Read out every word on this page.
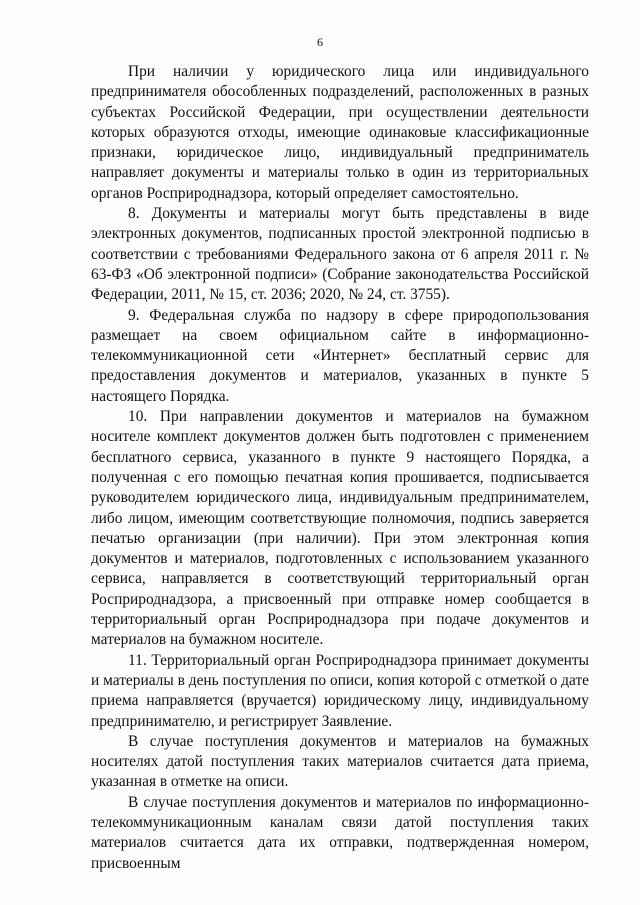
6

При наличии у юридического лица или индивидуального предпринимателя обособленных подразделений, расположенных в разных субъектах Российской Федерации, при осуществлении деятельности которых образуются отходы, имеющие одинаковые классификационные признаки, юридическое лицо, индивидуальный предприниматель направляет документы и материалы только в один из территориальных органов Росприроднадзора, который определяет самостоятельно.

8. Документы и материалы могут быть представлены в виде электронных документов, подписанных простой электронной подписью в соответствии с требованиями Федерального закона от 6 апреля 2011 г. № 63-ФЗ «Об электронной подписи» (Собрание законодательства Российской Федерации, 2011, № 15, ст. 2036; 2020, № 24, ст. 3755).

9. Федеральная служба по надзору в сфере природопользования размещает на своем официальном сайте в информационно-телекоммуникационной сети «Интернет» бесплатный сервис для предоставления документов и материалов, указанных в пункте 5 настоящего Порядка.

10. При направлении документов и материалов на бумажном носителе комплект документов должен быть подготовлен с применением бесплатного сервиса, указанного в пункте 9 настоящего Порядка, а полученная с его помощью печатная копия прошивается, подписывается руководителем юридического лица, индивидуальным предпринимателем, либо лицом, имеющим соответствующие полномочия, подпись заверяется печатью организации (при наличии). При этом электронная копия документов и материалов, подготовленных с использованием указанного сервиса, направляется в соответствующий территориальный орган Росприроднадзора, а присвоенный при отправке номер сообщается в территориальный орган Росприроднадзора при подаче документов и материалов на бумажном носителе.

11. Территориальный орган Росприроднадзора принимает документы и материалы в день поступления по описи, копия которой с отметкой о дате приема направляется (вручается) юридическому лицу, индивидуальному предпринимателю, и регистрирует Заявление.

В случае поступления документов и материалов на бумажных носителях датой поступления таких материалов считается дата приема, указанная в отметке на описи.

В случае поступления документов и материалов по информационно-телекоммуникационным каналам связи датой поступления таких материалов считается дата их отправки, подтвержденная номером, присвоенным
